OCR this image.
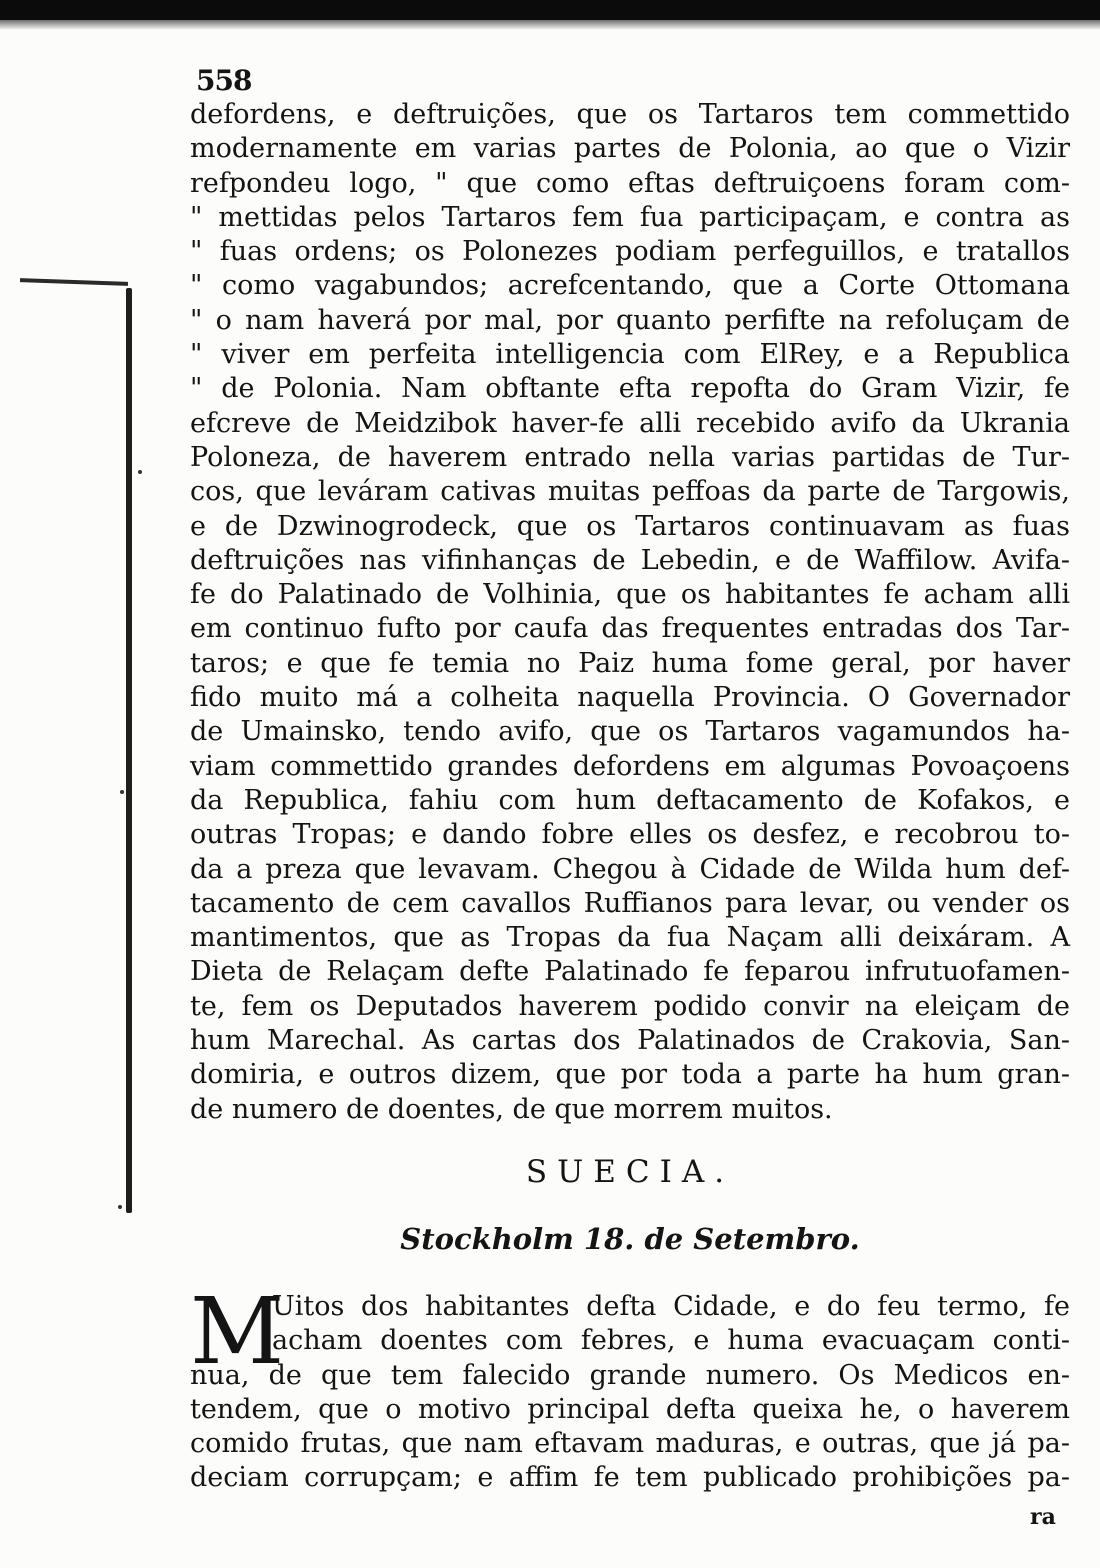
558
defordens, e deftruições, que os Tartaros tem commettido
modernamente em varias partes de Polonia, ao que o Vizir
refpondeu logo, " que como eftas deftruiçoens foram com-
" mettidas pelos Tartaros fem fua participaçam, e contra as
" fuas ordens; os Polonezes podiam perfeguillos, e tratallos
" como vagabundos; acrefcentando, que a Corte Ottomana
" o nam haverá por mal, por quanto perfifte na refoluçam de
" viver em perfeita intelligencia com ElRey, e a Republica
" de Polonia. Nam obftante efta repofta do Gram Vizir, fe
efcreve de Meidzibok haver-fe alli recebido avifo da Ukrania
Poloneza, de haverem entrado nella varias partidas de Tur-
cos, que leváram cativas muitas peffoas da parte de Targowis,
e de Dzwinogrodeck, que os Tartaros continuavam as fuas
deftruições nas vifinhanças de Lebedin, e de Waffilow. Avifa-
fe do Palatinado de Volhinia, que os habitantes fe acham alli
em continuo fufto por caufa das frequentes entradas dos Tar-
taros; e que fe temia no Paiz huma fome geral, por haver
fido muito má a colheita naquella Provincia. O Governador
de Umainsko, tendo avifo, que os Tartaros vagamundos ha-
viam commettido grandes defordens em algumas Povoaçoens
da Republica, fahiu com hum deftacamento de Kofakos, e
outras Tropas; e dando fobre elles os desfez, e recobrou to-
da a preza que levavam. Chegou à Cidade de Wilda hum def-
tacamento de cem cavallos Ruffianos para levar, ou vender os
mantimentos, que as Tropas da fua Naçam alli deixáram. A
Dieta de Relaçam defte Palatinado fe feparou infrutuofamen-
te, fem os Deputados haverem podido convir na eleiçam de
hum Marechal. As cartas dos Palatinados de Crakovia, San-
domiria, e outros dizem, que por toda a parte ha hum gran-
de numero de doentes, de que morrem muitos.
SUECIA.
Stockholm 18. de Setembro.
M
Uitos dos habitantes defta Cidade, e do feu termo, fe
acham doentes com febres, e huma evacuaçam conti-
nua, de que tem falecido grande numero. Os Medicos en-
tendem, que o motivo principal defta queixa he, o haverem
comido frutas, que nam eftavam maduras, e outras, que já pa-
deciam corrupçam; e affim fe tem publicado prohibições pa-
ra
